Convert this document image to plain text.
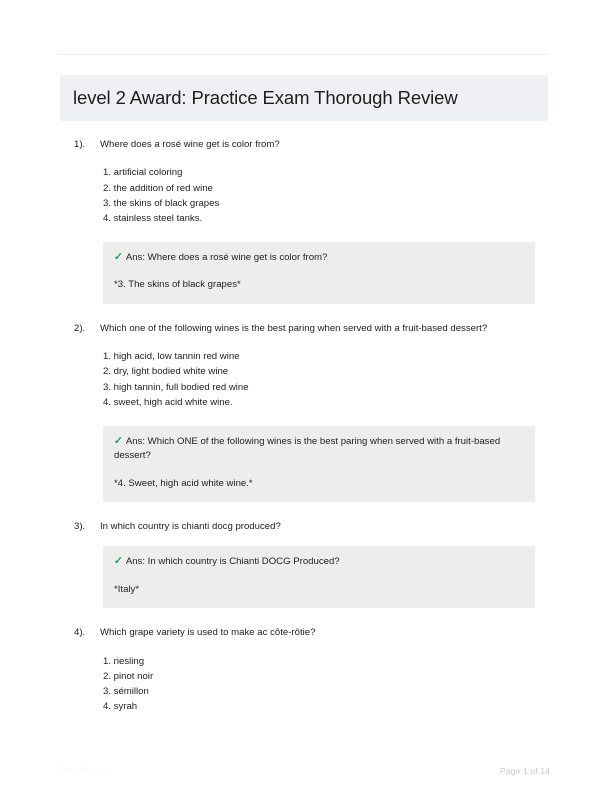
level 2 Award: Practice Exam Thorough Review
1).	Where does a rosé wine get is color from?
1. artificial coloring
2. the addition of red wine
3. the skins of black grapes
4. stainless steel tanks.
✓ Ans: Where does a rosé wine get is color from?
*3. The skins of black grapes*
2).	Which one of the following wines is the best paring when served with a fruit-based dessert?
1. high acid, low tannin red wine
2. dry, light bodied white wine
3. high tannin, full bodied red wine
4. sweet, high acid white wine.
✓ Ans: Which ONE of the following wines is the best paring when served with a fruit-based dessert?
*4. Sweet, high acid white wine.*
3).	In which country is chianti docg produced?
✓ Ans: In which country is Chianti DOCG Produced?
*Italy*
4).	Which grape variety is used to make ac côte-rôtie?
1. riesling
2. pinot noir
3. sémillon
4. syrah
PaperTitle.com	Page 1 of 14
